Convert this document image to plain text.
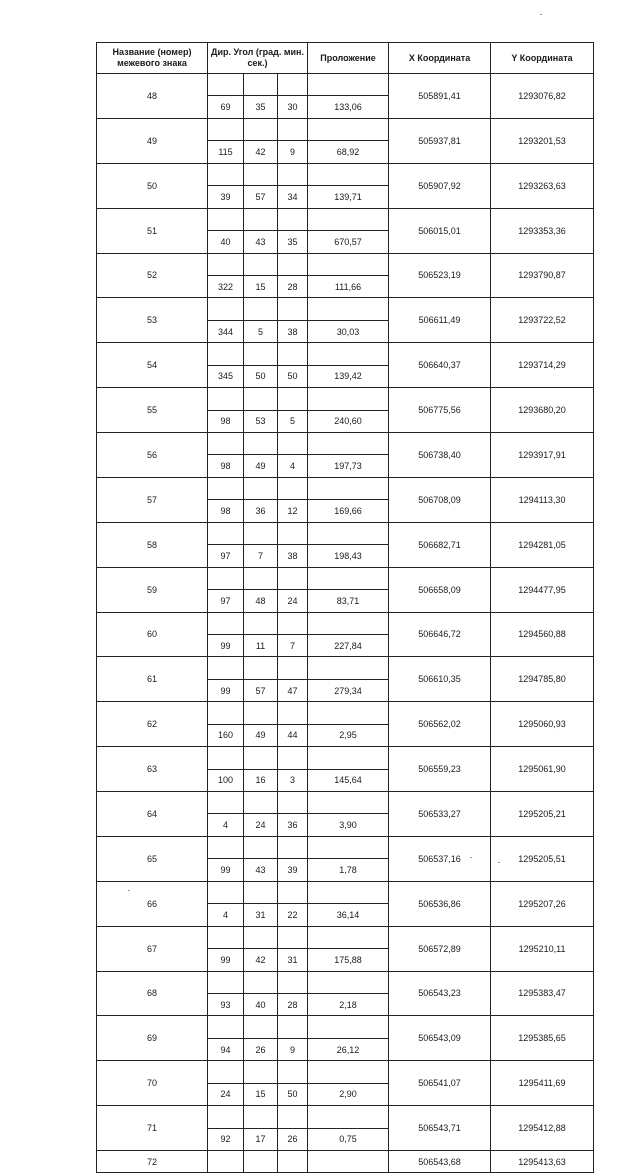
Название (номер) межевого знака	Дир. Угол (град. мин. сек.)			Проложение	X Координата	Y Координата
48					505891,41	1293076,82
	69	35	30	133,06		
49					505937,81	1293201,53
	115	42	9	68,92		
50					505907,92	1293263,63
	39	57	34	139,71		
51					506015,01	1293353,36
	40	43	35	670,57		
52					506523,19	1293790,87
	322	15	28	111,66		
53					506611,49	1293722,52
	344	5	38	30,03		
54					506640,37	1293714,29
	345	50	50	139,42		
55					506775,56	1293680,20
	98	53	5	240,60		
56					506738,40	1293917,91
	98	49	4	197,73		
57					506708,09	1294113,30
	98	36	12	169,66		
58					506682,71	1294281,05
	97	7	38	198,43		
59					506658,09	1294477,95
	97	48	24	83,71		
60					506646,72	1294560,88
	99	11	7	227,84		
61					506610,35	1294785,80
	99	57	47	279,34		
62					506562,02	1295060,93
	160	49	44	2,95		
63					506559,23	1295061,90
	100	16	3	145,64		
64					506533,27	1295205,21
	4	24	36	3,90		
65					506537,16	1295205,51
	99	43	39	1,78		
66					506536,86	1295207,26
	4	31	22	36,14		
67					506572,89	1295210,11
	99	42	31	175,88		
68					506543,23	1295383,47
	93	40	28	2,18		
69					506543,09	1295385,65
	94	26	9	26,12		
70					506541,07	1295411,69
	24	15	50	2,90		
71					506543,71	1295412,88
	92	17	26	0,75		
72					506543,68	1295413,63
